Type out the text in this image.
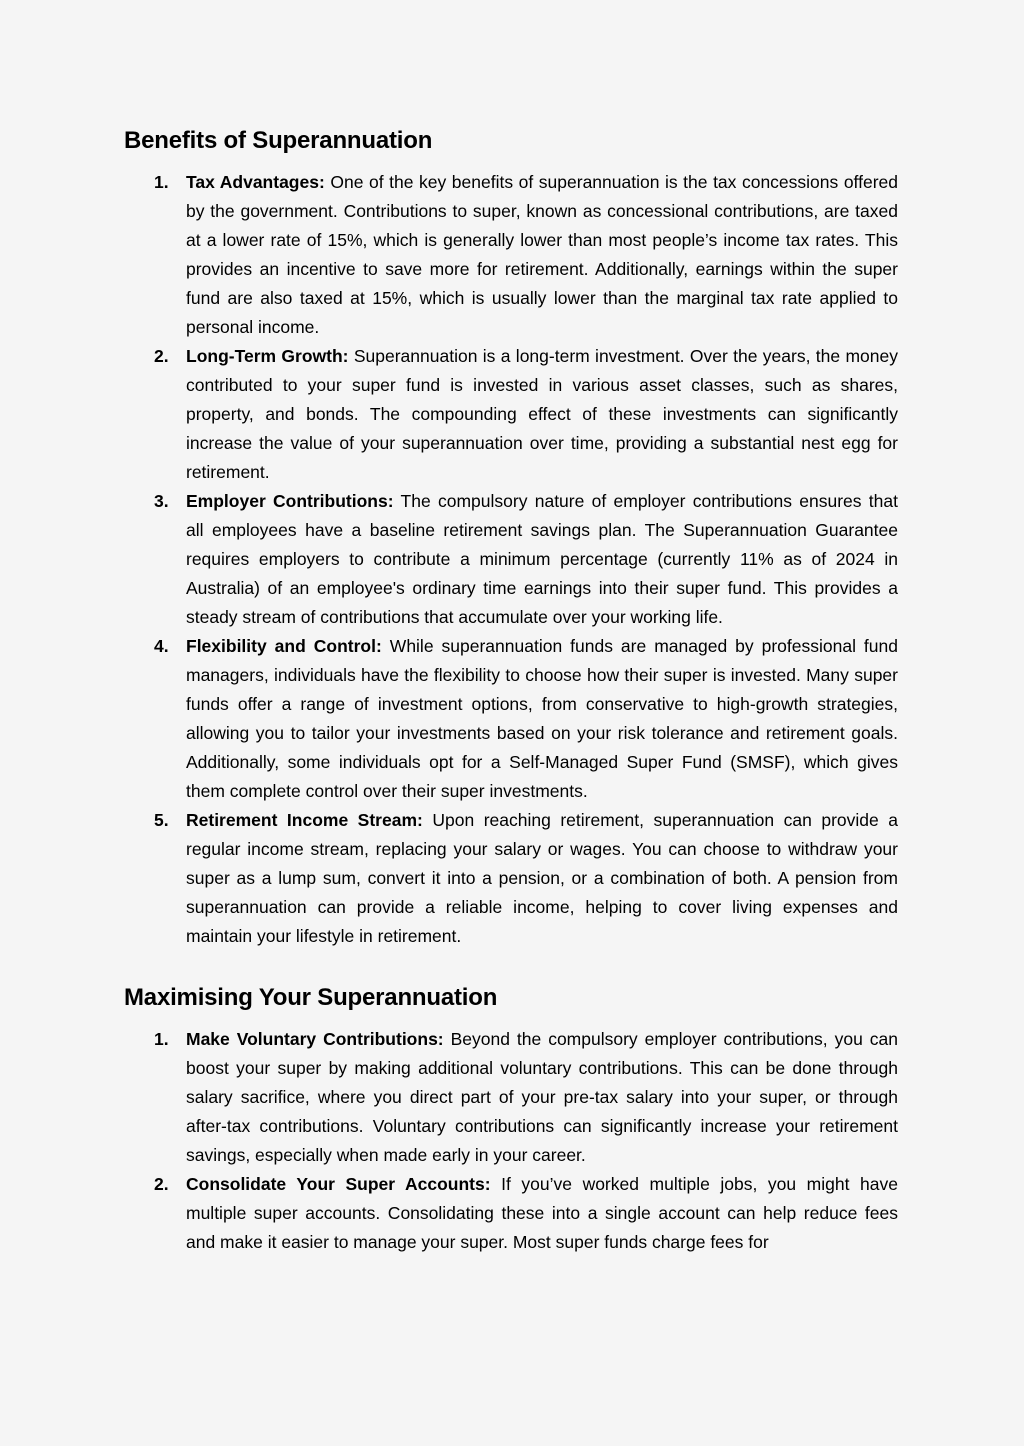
Benefits of Superannuation
1. Tax Advantages: One of the key benefits of superannuation is the tax concessions offered by the government. Contributions to super, known as concessional contributions, are taxed at a lower rate of 15%, which is generally lower than most people’s income tax rates. This provides an incentive to save more for retirement. Additionally, earnings within the super fund are also taxed at 15%, which is usually lower than the marginal tax rate applied to personal income.
2. Long-Term Growth: Superannuation is a long-term investment. Over the years, the money contributed to your super fund is invested in various asset classes, such as shares, property, and bonds. The compounding effect of these investments can significantly increase the value of your superannuation over time, providing a substantial nest egg for retirement.
3. Employer Contributions: The compulsory nature of employer contributions ensures that all employees have a baseline retirement savings plan. The Superannuation Guarantee requires employers to contribute a minimum percentage (currently 11% as of 2024 in Australia) of an employee's ordinary time earnings into their super fund. This provides a steady stream of contributions that accumulate over your working life.
4. Flexibility and Control: While superannuation funds are managed by professional fund managers, individuals have the flexibility to choose how their super is invested. Many super funds offer a range of investment options, from conservative to high-growth strategies, allowing you to tailor your investments based on your risk tolerance and retirement goals. Additionally, some individuals opt for a Self-Managed Super Fund (SMSF), which gives them complete control over their super investments.
5. Retirement Income Stream: Upon reaching retirement, superannuation can provide a regular income stream, replacing your salary or wages. You can choose to withdraw your super as a lump sum, convert it into a pension, or a combination of both. A pension from superannuation can provide a reliable income, helping to cover living expenses and maintain your lifestyle in retirement.
Maximising Your Superannuation
1. Make Voluntary Contributions: Beyond the compulsory employer contributions, you can boost your super by making additional voluntary contributions. This can be done through salary sacrifice, where you direct part of your pre-tax salary into your super, or through after-tax contributions. Voluntary contributions can significantly increase your retirement savings, especially when made early in your career.
2. Consolidate Your Super Accounts: If you’ve worked multiple jobs, you might have multiple super accounts. Consolidating these into a single account can help reduce fees and make it easier to manage your super. Most super funds charge fees for
